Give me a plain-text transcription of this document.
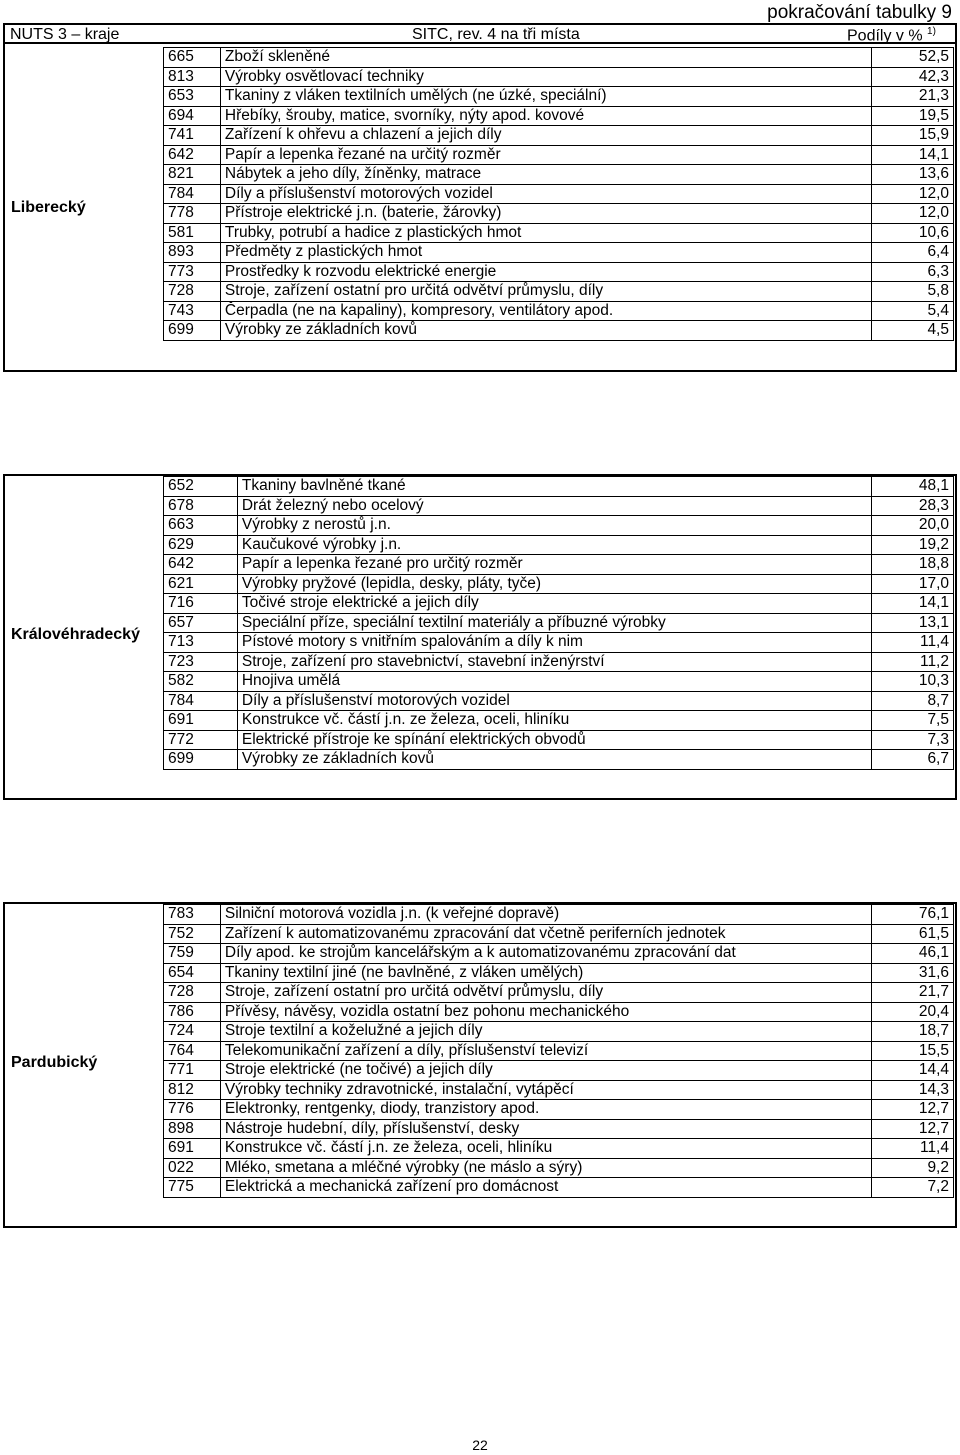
pokračování tabulky 9
NUTS 3 – kraje	SITC, rev. 4 na tři místa	Podíly v % $^{1)}$
Liberecký
665	Zboží skleněné	52,5
813	Výrobky osvětlovací techniky	42,3
653	Tkaniny z vláken textilních umělých (ne úzké, speciální)	21,3
694	Hřebíky, šrouby, matice, svorníky, nýty apod. kovové	19,5
741	Zařízení k ohřevu a chlazení a jejich díly	15,9
642	Papír a lepenka řezané na určitý rozměr	14,1
821	Nábytek a jeho díly, žíněnky, matrace	13,6
784	Díly a příslušenství motorových vozidel	12,0
778	Přístroje elektrické j.n. (baterie, žárovky)	12,0
581	Trubky, potrubí a hadice z plastických hmot	10,6
893	Předměty z plastických hmot	6,4
773	Prostředky k rozvodu elektrické energie	6,3
728	Stroje, zařízení ostatní pro určitá odvětví průmyslu, díly	5,8
743	Čerpadla (ne na kapaliny), kompresory, ventilátory apod.	5,4
699	Výrobky ze základních kovů	4,5
Královéhradecký
652	Tkaniny bavlněné tkané	48,1
678	Drát železný nebo ocelový	28,3
663	Výrobky z nerostů j.n.	20,0
629	Kaučukové výrobky j.n.	19,2
642	Papír a lepenka řezané pro určitý rozměr	18,8
621	Výrobky pryžové (lepidla, desky, pláty, tyče)	17,0
716	Točivé stroje elektrické a jejich díly	14,1
657	Speciální příze, speciální textilní materiály a příbuzné výrobky	13,1
713	Pístové motory s vnitřním spalováním a díly k nim	11,4
723	Stroje, zařízení pro stavebnictví, stavební inženýrství	11,2
582	Hnojiva umělá	10,3
784	Díly a příslušenství motorových vozidel	8,7
691	Konstrukce vč. částí j.n. ze železa, oceli, hliníku	7,5
772	Elektrické přístroje ke spínání elektrických obvodů	7,3
699	Výrobky ze základních kovů	6,7
Pardubický
783	Silniční motorová vozidla j.n. (k veřejné dopravě)	76,1
752	Zařízení k automatizovanému zpracování dat včetně periferních jednotek	61,5
759	Díly apod. ke strojům kancelářským a k automatizovanému zpracování dat	46,1
654	Tkaniny textilní jiné (ne bavlněné, z vláken umělých)	31,6
728	Stroje, zařízení ostatní pro určitá odvětví průmyslu, díly	21,7
786	Přívěsy, návěsy, vozidla ostatní bez pohonu mechanického	20,4
724	Stroje textilní a koželužné a jejich díly	18,7
764	Telekomunikační zařízení a díly, příslušenství televizí	15,5
771	Stroje elektrické (ne točivé) a jejich díly	14,4
812	Výrobky techniky zdravotnické, instalační, vytápěcí	14,3
776	Elektronky, rentgenky, diody, tranzistory apod.	12,7
898	Nástroje hudební, díly, příslušenství, desky	12,7
691	Konstrukce vč. částí j.n. ze železa, oceli, hliníku	11,4
022	Mléko, smetana a mléčné výrobky (ne máslo a sýry)	9,2
775	Elektrická a mechanická zařízení pro domácnost	7,2
22
